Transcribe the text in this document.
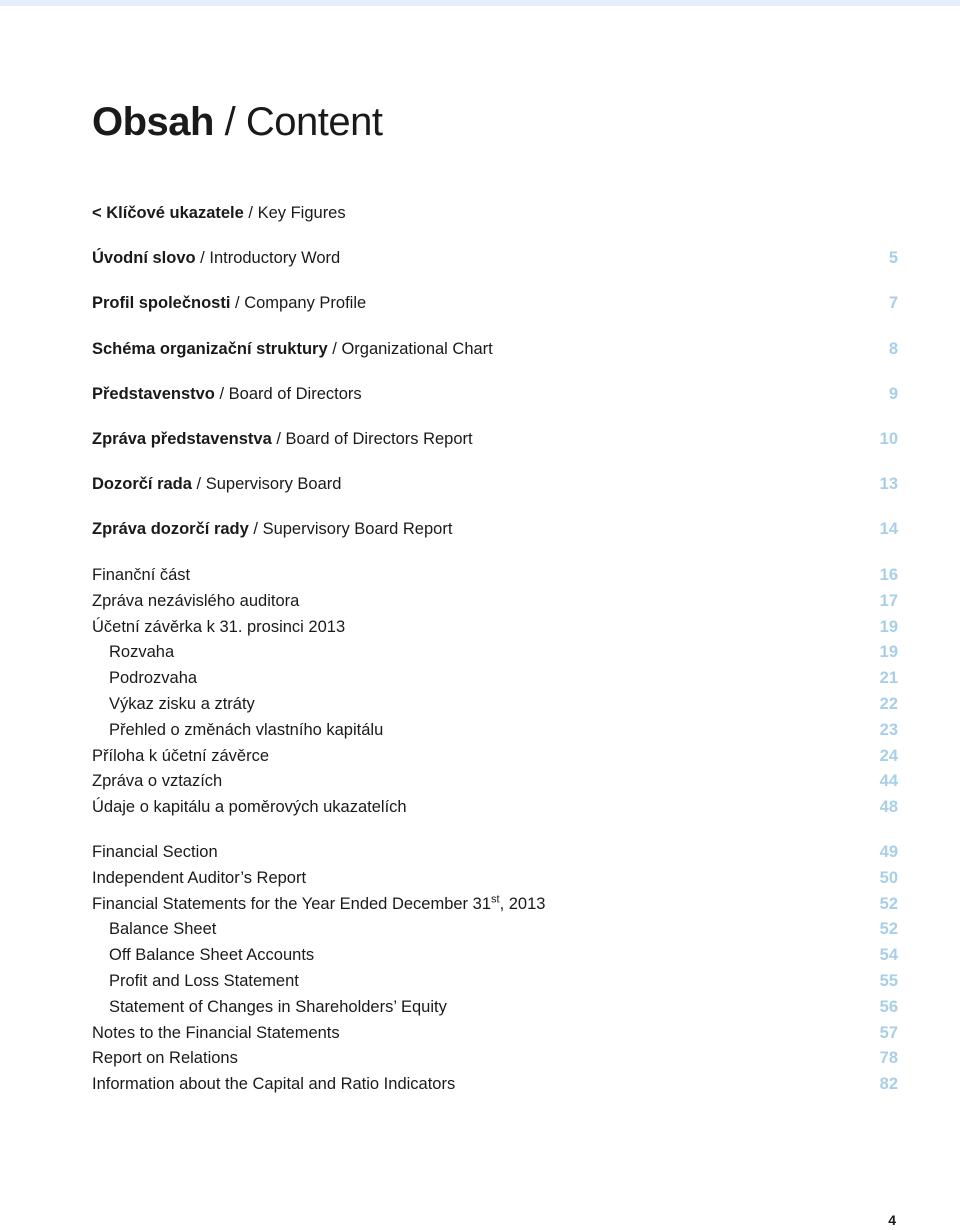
Obsah / Content
< Klíčové ukazatele / Key Figures
Úvodní slovo / Introductory Word	5
Profil společnosti / Company Profile	7
Schéma organizační struktury / Organizational Chart	8
Představenstvo / Board of Directors	9
Zpráva představenstva / Board of Directors Report	10
Dozorčí rada / Supervisory Board	13
Zpráva dozorčí rady / Supervisory Board Report	14
Finanční část	16
Zpráva nezávislého auditora	17
Účetní závěrka k 31. prosinci 2013	19
Rozvaha	19
Podrozvaha	21
Výkaz zisku a ztráty	22
Přehled o změnách vlastního kapitálu	23
Příloha k účetní závěrce	24
Zpráva o vztazích	44
Údaje o kapitálu a poměrových ukazatelích	48
Financial Section	49
Independent Auditor’s Report	50
Financial Statements for the Year Ended December 31st, 2013	52
Balance Sheet	52
Off Balance Sheet Accounts	54
Profit and Loss Statement	55
Statement of Changes in Shareholders’ Equity	56
Notes to the Financial Statements	57
Report on Relations	78
Information about the Capital and Ratio Indicators	82
4
